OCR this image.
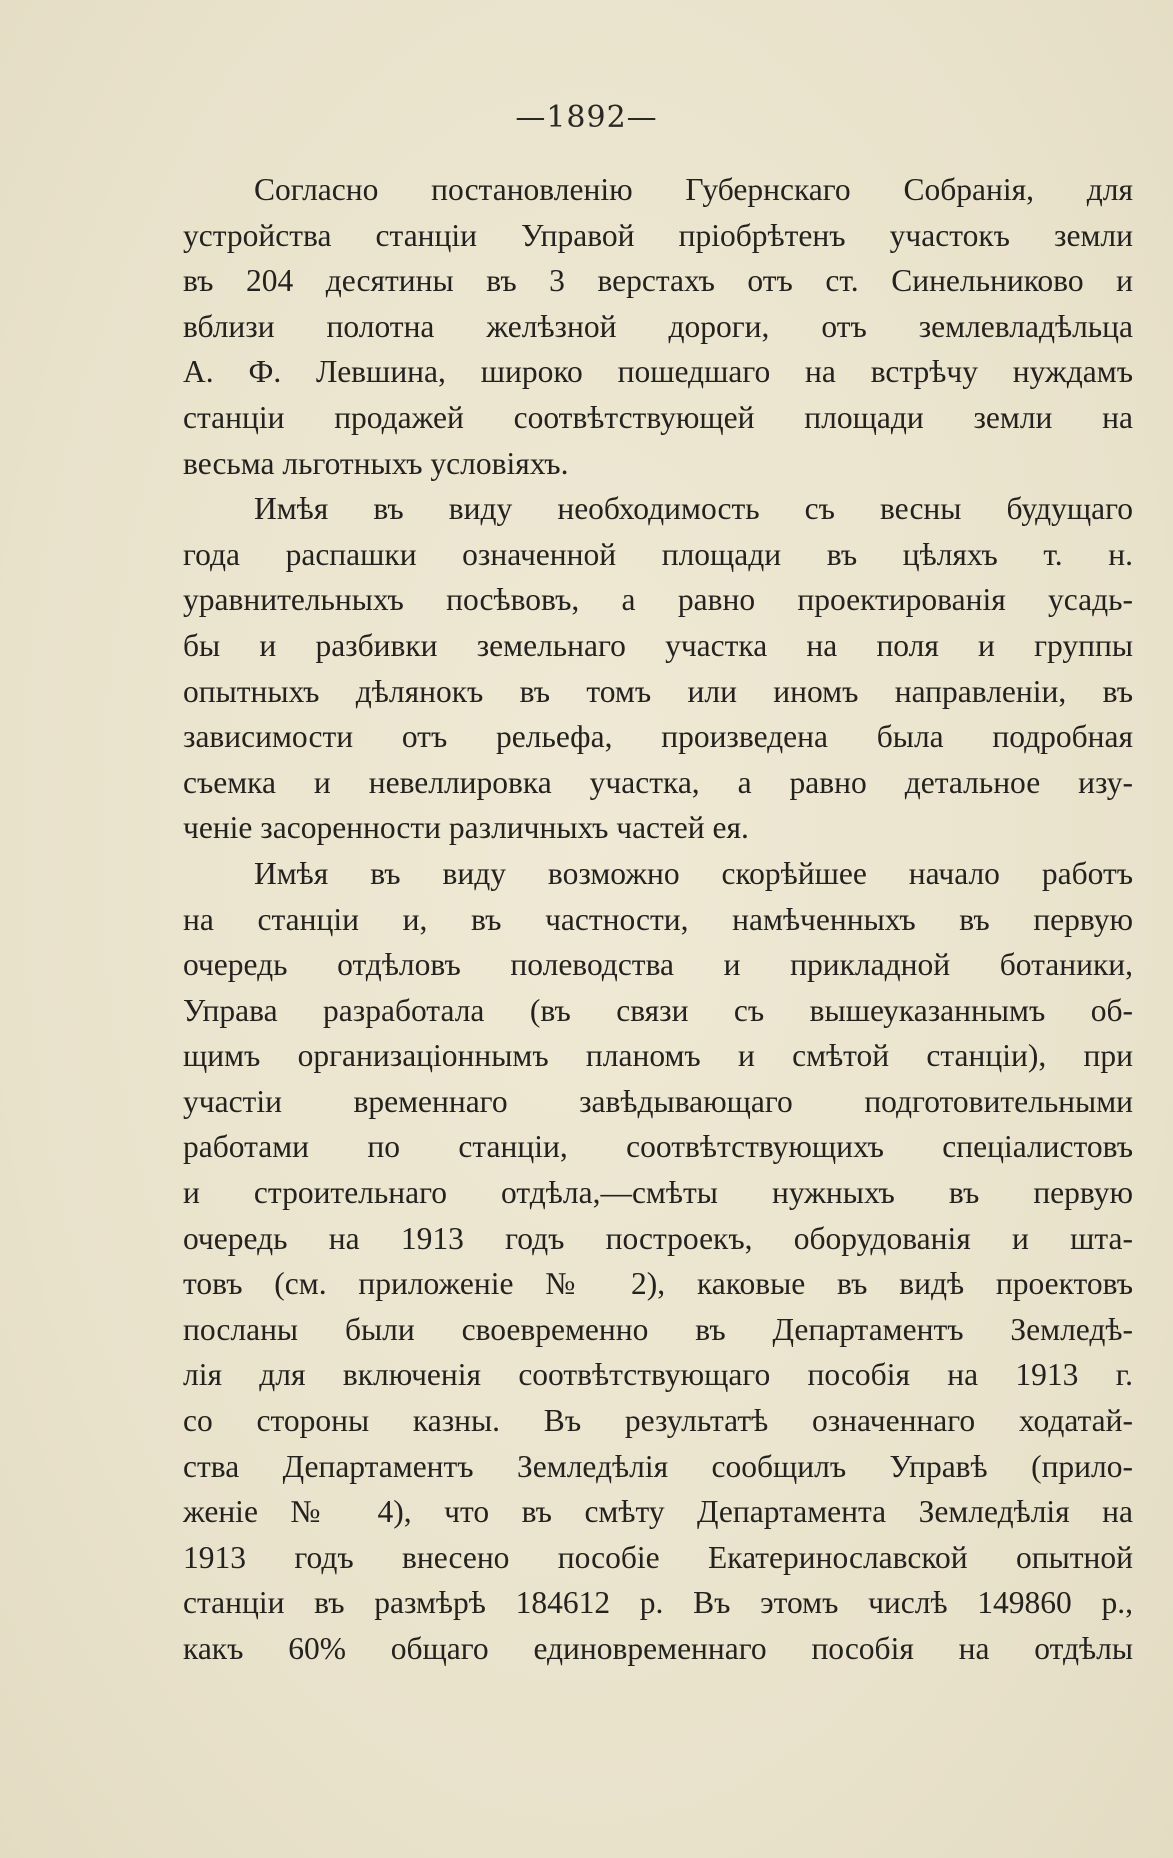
—1892—
Согласно постановленію Губернскаго Собранія, для
устройства станціи Управой пріобрѣтенъ участокъ земли
въ 204 десятины въ 3 верстахъ отъ ст. Синельниково и
вблизи полотна желѣзной дороги, отъ землевладѣльца
А. Ф. Левшина, широко пошедшаго на встрѣчу нуждамъ
станціи продажей соотвѣтствующей площади земли на
весьма льготныхъ условіяхъ.
Имѣя въ виду необходимость съ весны будущаго
года распашки означенной площади въ цѣляхъ т. н.
уравнительныхъ посѣвовъ, а равно проектированія усадь-
бы и разбивки земельнаго участка на поля и группы
опытныхъ дѣлянокъ въ томъ или иномъ направленіи, въ
зависимости отъ рельефа, произведена была подробная
съемка и невеллировка участка, а равно детальное изу-
ченіе засоренности различныхъ частей ея.
Имѣя въ виду возможно скорѣйшее начало работъ
на станціи и, въ частности, намѣченныхъ въ первую
очередь отдѣловъ полеводства и прикладной ботаники,
Управа разработала (въ связи съ вышеуказаннымъ об-
щимъ организаціоннымъ планомъ и смѣтой станціи), при
участіи временнаго завѣдывающаго подготовительными
работами по станціи, соотвѣтствующихъ спеціалистовъ
и строительнаго отдѣла,—смѣты нужныхъ въ первую
очередь на 1913 годъ построекъ, оборудованія и шта-
товъ (см. приложеніе № 2), каковые въ видѣ проектовъ
посланы были своевременно въ Департаментъ Земледѣ-
лія для включенія соотвѣтствующаго пособія на 1913 г.
со стороны казны. Въ результатѣ означеннаго ходатай-
ства Департаментъ Земледѣлія сообщилъ Управѣ (прило-
женіе № 4), что въ смѣту Департамента Земледѣлія на
1913 годъ внесено пособіе Екатеринославской опытной
станціи въ размѣрѣ 184612 р. Въ этомъ числѣ 149860 р.,
какъ 60% общаго единовременнаго пособія на отдѣлы
